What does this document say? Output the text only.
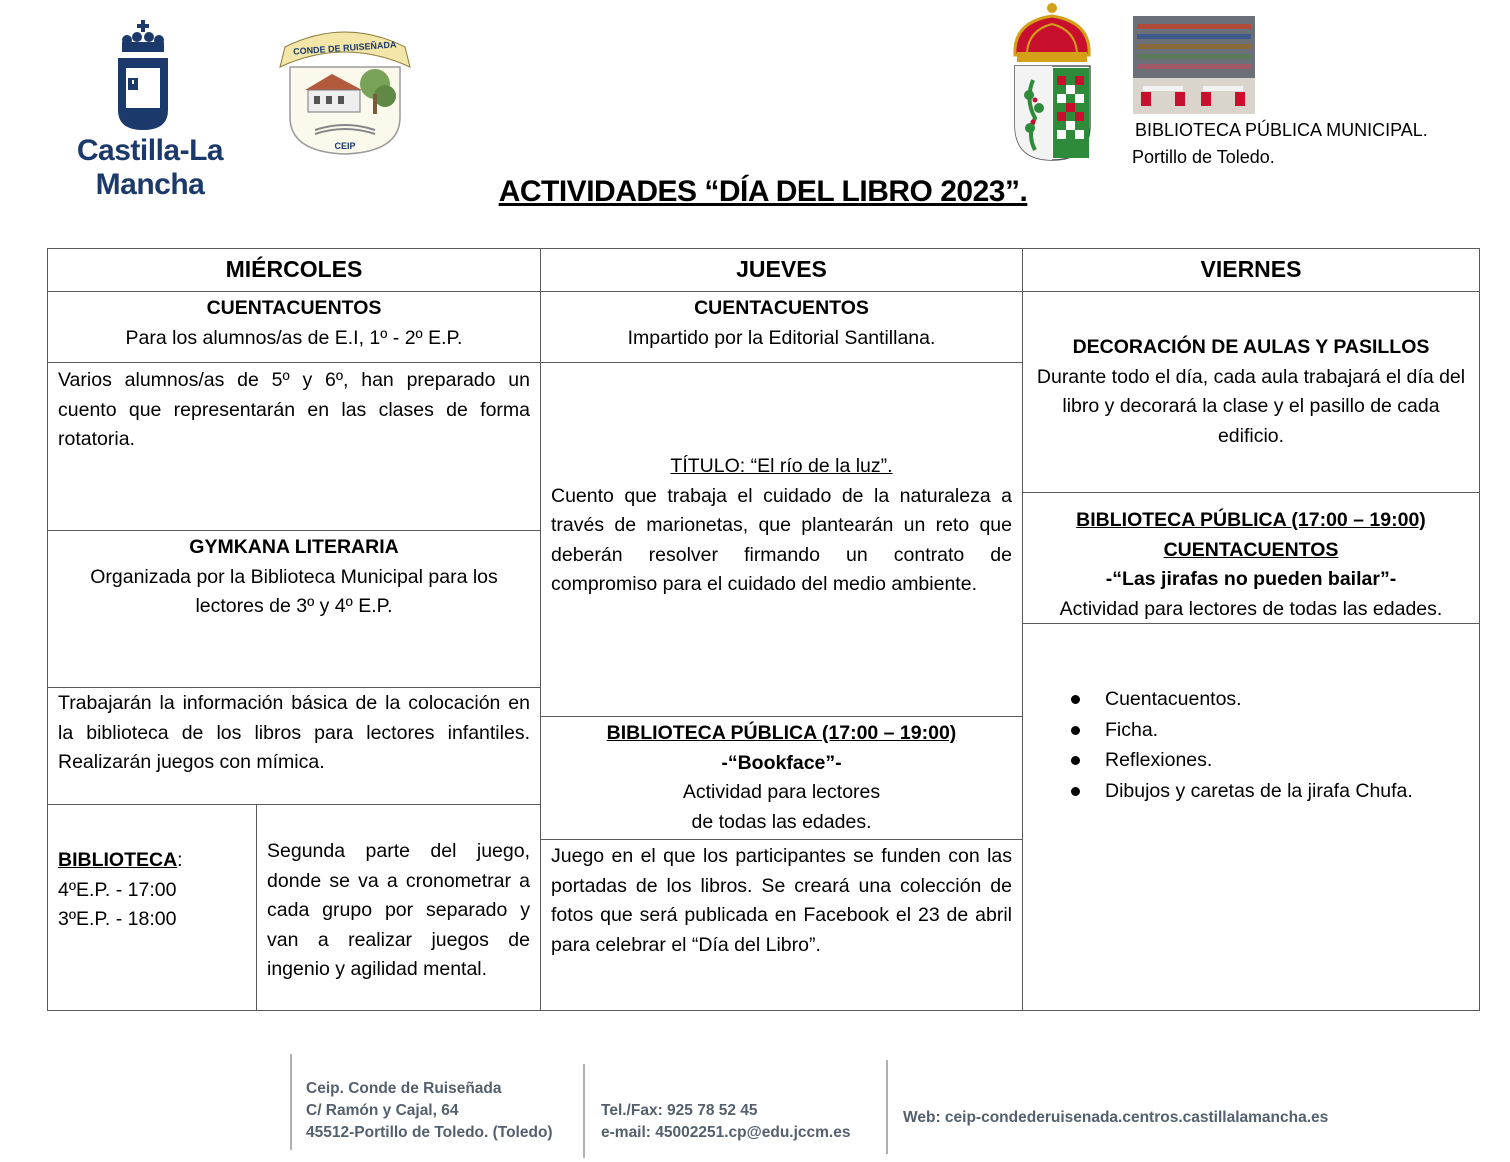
Castilla-La Mancha
CONDE DE RUISEÑADA
CEIP
BIBLIOTECA PÚBLICA MUNICIPAL.
Portillo de Toledo.
ACTIVIDADES “DÍA DEL LIBRO 2023”.
MIÉRCOLES	JUEVES	VIERNES
CUENTACUENTOS
Para los alumnos/as de E.I, 1º - 2º E.P.
Varios alumnos/as de 5º y 6º, han preparado un cuento que representarán en las clases de forma rotatoria.
GYMKANA LITERARIA
Organizada por la Biblioteca Municipal para los lectores de 3º y 4º E.P.
Trabajarán la información básica de la colocación en la biblioteca de los libros para lectores infantiles. Realizarán juegos con mímica.
BIBLIOTECA:
4ºE.P. - 17:00
3ºE.P. - 18:00
Segunda parte del juego, donde se va a cronometrar a cada grupo por separado y van a realizar juegos de ingenio y agilidad mental.
CUENTACUENTOS
Impartido por la Editorial Santillana.
TÍTULO: “El río de la luz”.
Cuento que trabaja el cuidado de la naturaleza a través de marionetas, que plantearán un reto que deberán resolver firmando un contrato de compromiso para el cuidado del medio ambiente.
BIBLIOTECA PÚBLICA (17:00 – 19:00)
-“Bookface”-
Actividad para lectores
de todas las edades.
Juego en el que los participantes se funden con las portadas de los libros. Se creará una colección de fotos que será publicada en Facebook el 23 de abril para celebrar el “Día del Libro”.
DECORACIÓN DE AULAS Y PASILLOS
Durante todo el día, cada aula trabajará el día del libro y decorará la clase y el pasillo de cada edificio.
BIBLIOTECA PÚBLICA (17:00 – 19:00)
CUENTACUENTOS
-“Las jirafas no pueden bailar”-
Actividad para lectores de todas las edades.
Cuentacuentos.
Ficha.
Reflexiones.
Dibujos y caretas de la jirafa Chufa.
Ceip. Conde de Ruiseñada
C/ Ramón y Cajal, 64
45512-Portillo de Toledo. (Toledo)
Tel./Fax: 925 78 52 45
e-mail: 45002251.cp@edu.jccm.es
Web: ceip-condederuisenada.centros.castillalamancha.es
